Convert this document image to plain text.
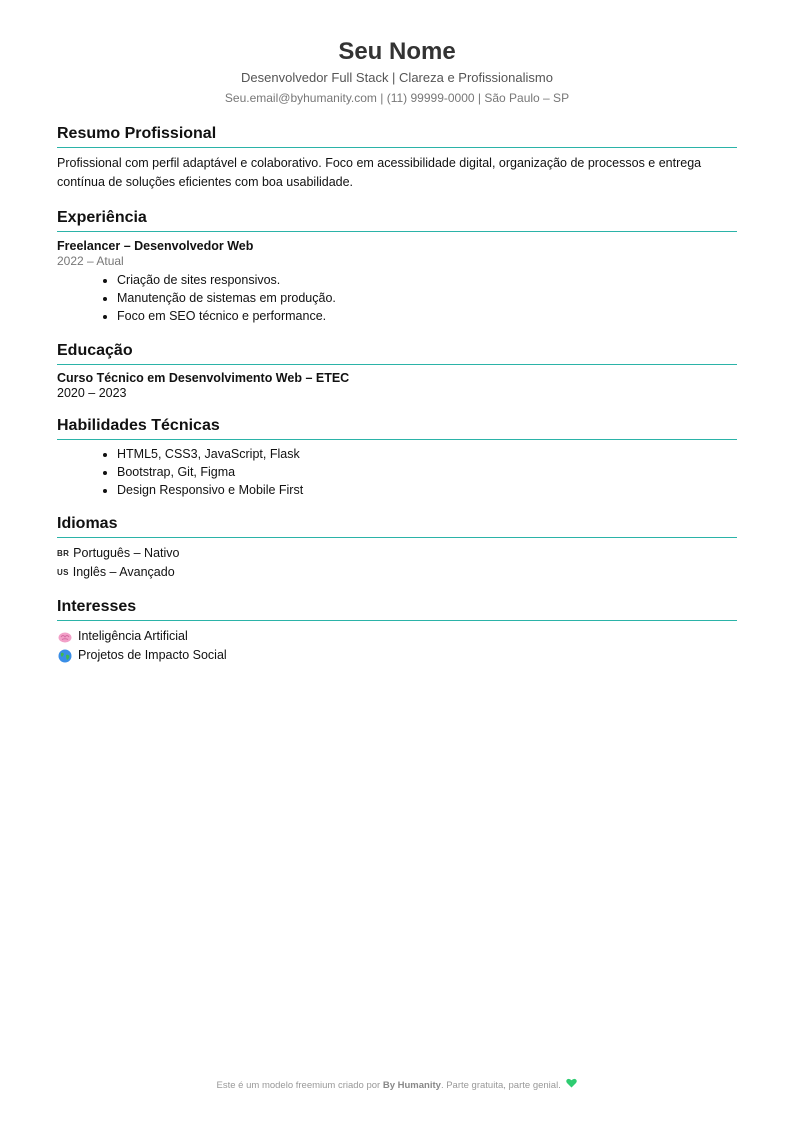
Seu Nome
Desenvolvedor Full Stack | Clareza e Profissionalismo
Seu.email@byhumanity.com | (11) 99999-0000 | São Paulo – SP
Resumo Profissional
Profissional com perfil adaptável e colaborativo. Foco em acessibilidade digital, organização de processos e entrega contínua de soluções eficientes com boa usabilidade.
Experiência
Freelancer – Desenvolvedor Web
2022 – Atual
• Criação de sites responsivos.
• Manutenção de sistemas em produção.
• Foco em SEO técnico e performance.
Educação
Curso Técnico em Desenvolvimento Web – ETEC
2020 – 2023
Habilidades Técnicas
• HTML5, CSS3, JavaScript, Flask
• Bootstrap, Git, Figma
• Design Responsivo e Mobile First
Idiomas
BR Português – Nativo
US Inglês – Avançado
Interesses
Inteligência Artificial
Projetos de Impacto Social
Este é um modelo freemium criado por By Humanity. Parte gratuita, parte genial.
